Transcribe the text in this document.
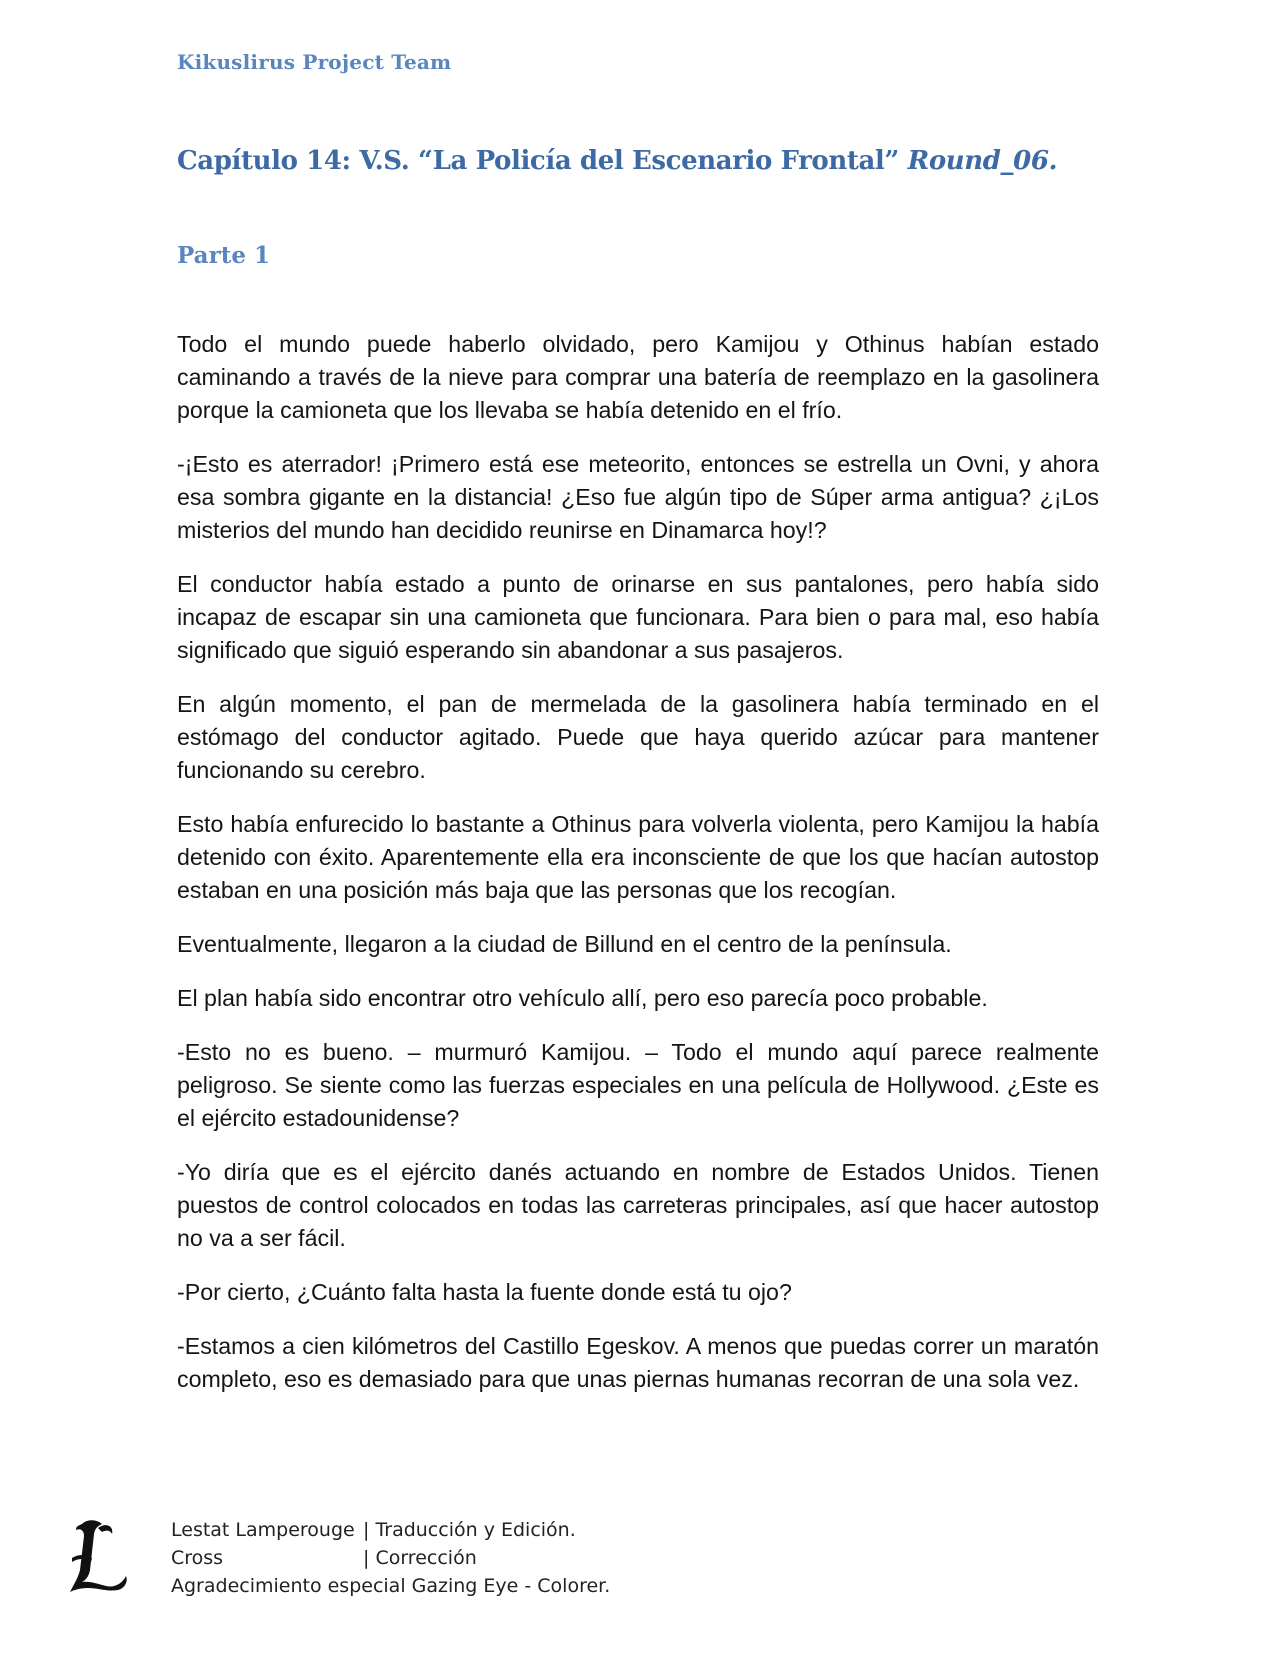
Kikuslirus Project Team
Capítulo 14: V.S. “La Policía del Escenario Frontal” Round_06.
Parte 1

Todo el mundo puede haberlo olvidado, pero Kamijou y Othinus habían estado caminando a través de la nieve para comprar una batería de reemplazo en la gasolinera porque la camioneta que los llevaba se había detenido en el frío.

-¡Esto es aterrador! ¡Primero está ese meteorito, entonces se estrella un Ovni, y ahora esa sombra gigante en la distancia! ¿Eso fue algún tipo de Súper arma antigua? ¿¡Los misterios del mundo han decidido reunirse en Dinamarca hoy!?

El conductor había estado a punto de orinarse en sus pantalones, pero había sido incapaz de escapar sin una camioneta que funcionara. Para bien o para mal, eso había significado que siguió esperando sin abandonar a sus pasajeros.

En algún momento, el pan de mermelada de la gasolinera había terminado en el estómago del conductor agitado. Puede que haya querido azúcar para mantener funcionando su cerebro.

Esto había enfurecido lo bastante a Othinus para volverla violenta, pero Kamijou la había detenido con éxito. Aparentemente ella era inconsciente de que los que hacían autostop estaban en una posición más baja que las personas que los recogían.

Eventualmente, llegaron a la ciudad de Billund en el centro de la península.

El plan había sido encontrar otro vehículo allí, pero eso parecía poco probable.

-Esto no es bueno. – murmuró Kamijou. – Todo el mundo aquí parece realmente peligroso. Se siente como las fuerzas especiales en una película de Hollywood. ¿Este es el ejército estadounidense?

-Yo diría que es el ejército danés actuando en nombre de Estados Unidos. Tienen puestos de control colocados en todas las carreteras principales, así que hacer autostop no va a ser fácil.

-Por cierto, ¿Cuánto falta hasta la fuente donde está tu ojo?

-Estamos a cien kilómetros del Castillo Egeskov. A menos que puedas correr un maratón completo, eso es demasiado para que unas piernas humanas recorran de una sola vez.

Lestat Lamperouge | Traducción y Edición.
Cross	| Corrección
Agradecimiento especial Gazing Eye - Colorer.
